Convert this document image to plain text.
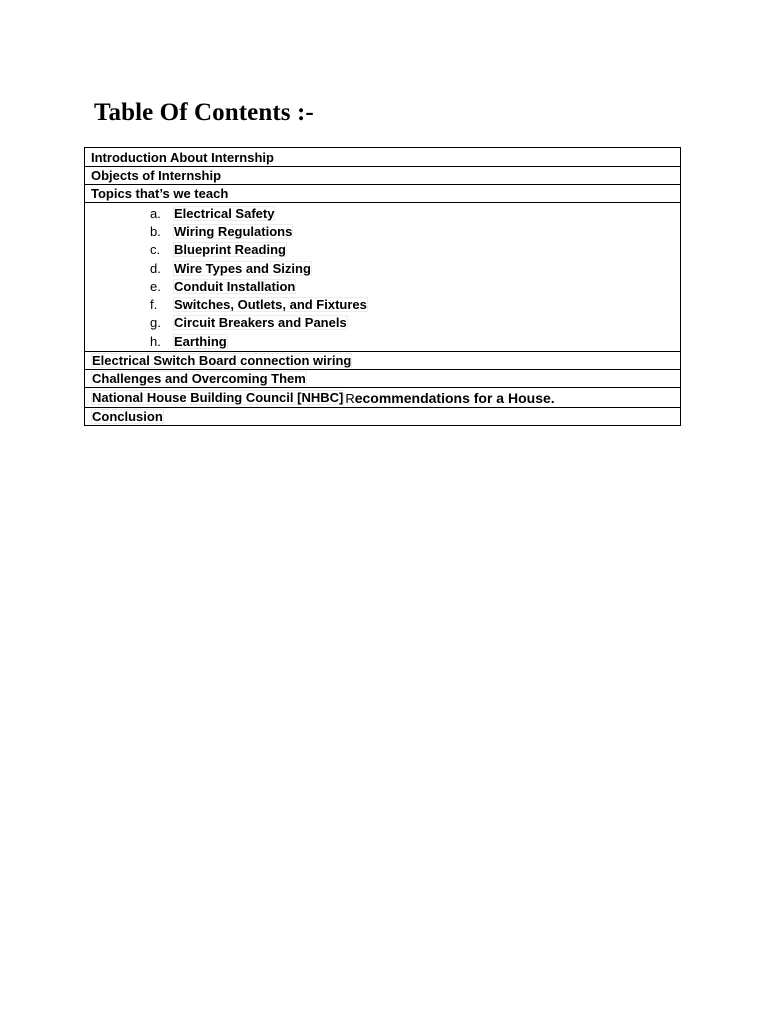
Table Of Contents :-
Introduction About Internship
Objects of Internship
Topics that’s we teach
a.	Electrical Safety
b.	Wiring Regulations
c.	Blueprint Reading
d.	Wire Types and Sizing
e.	Conduit Installation
f.	Switches, Outlets, and Fixtures
g.	Circuit Breakers and Panels
h.	Earthing
Electrical Switch Board connection wiring
Challenges and Overcoming Them
National House Building Council [NHBC] Recommendations for a House.
Conclusion
